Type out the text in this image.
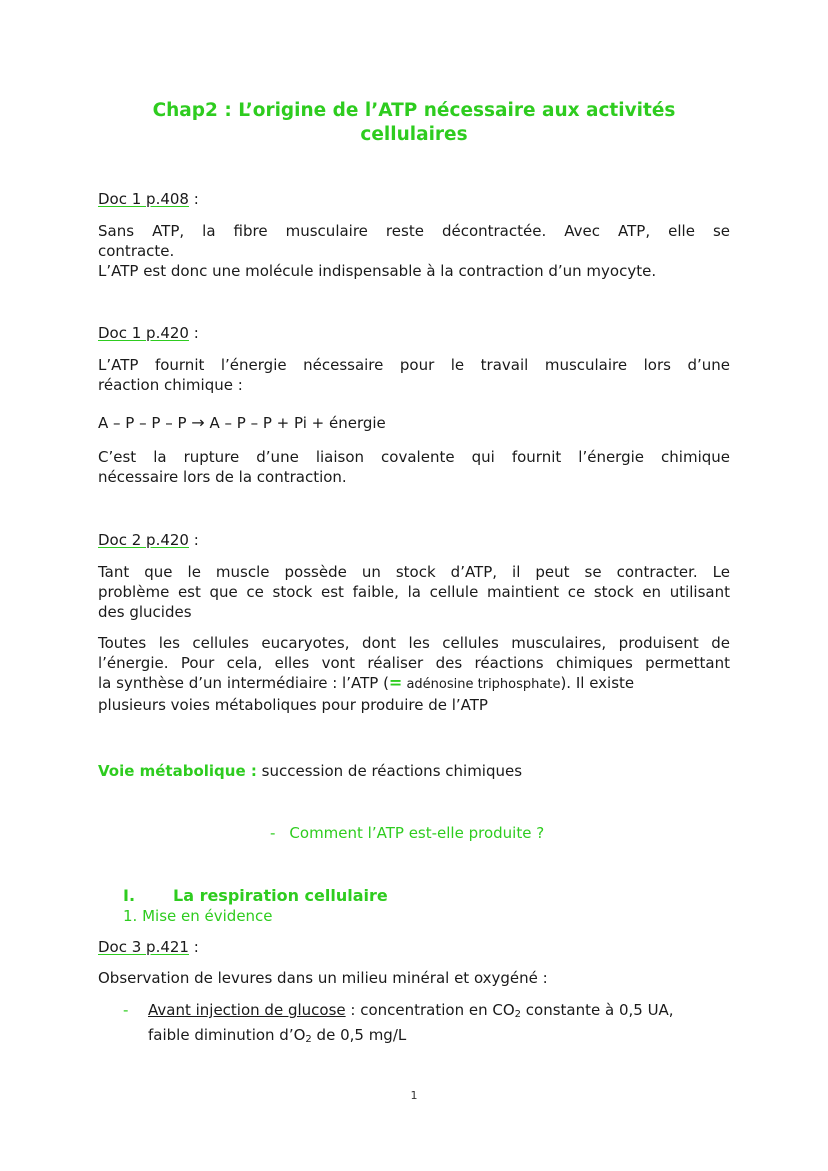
Chap2 : L’origine de l’ATP nécessaire aux activités
cellulaires
Doc 1 p.408 :
Sans ATP, la fibre musculaire reste décontractée. Avec ATP, elle se
contracte.
L’ATP est donc une molécule indispensable à la contraction d’un myocyte.
Doc 1 p.420 :
L’ATP fournit l’énergie nécessaire pour le travail musculaire lors d’une
réaction chimique :
A – P – P – P → A – P – P + Pi + énergie
C’est la rupture d’une liaison covalente qui fournit l’énergie chimique
nécessaire lors de la contraction.
Doc 2 p.420 :
Tant que le muscle possède un stock d’ATP, il peut se contracter. Le
problème est que ce stock est faible, la cellule maintient ce stock en utilisant
des glucides
Toutes les cellules eucaryotes, dont les cellules musculaires, produisent de
l’énergie. Pour cela, elles vont réaliser des réactions chimiques permettant
la synthèse d’un intermédiaire : l’ATP (= adénosine triphosphate). Il existe
plusieurs voies métaboliques pour produire de l’ATP
Voie métabolique : succession de réactions chimiques
- Comment l’ATP est-elle produite ?
I. La respiration cellulaire
1. Mise en évidence
Doc 3 p.421 :
Observation de levures dans un milieu minéral et oxygéné :
- Avant injection de glucose : concentration en $CO_2$ constante à 0,5 UA,
faible diminution $d’O_2$ de 0,5 mg/L
1
